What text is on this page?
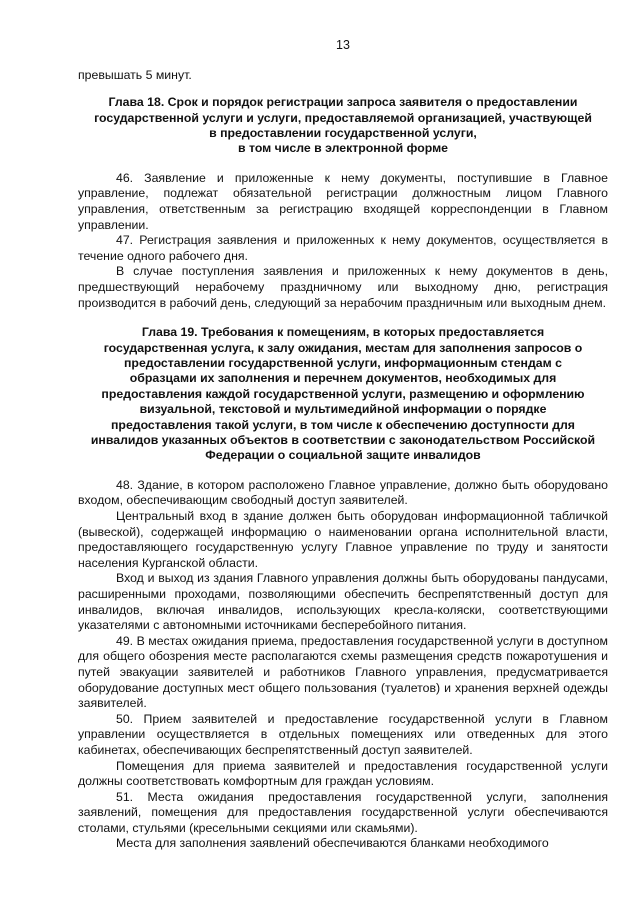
13

превышать 5 минут.

Глава 18. Срок и порядок регистрации запроса заявителя о предоставлении
государственной услуги и услуги, предоставляемой организацией, участвующей
в предоставлении государственной услуги,
в том числе в электронной форме

46. Заявление и приложенные к нему документы, поступившие в Главное управление, подлежат обязательной регистрации должностным лицом Главного управления, ответственным за регистрацию входящей корреспонденции в Главном управлении.

47. Регистрация заявления и приложенных к нему документов, осуществляется в течение одного рабочего дня.

В случае поступления заявления и приложенных к нему документов в день, предшествующий нерабочему праздничному или выходному дню, регистрация производится в рабочий день, следующий за нерабочим праздничным или выходным днем.

Глава 19. Требования к помещениям, в которых предоставляется
государственная услуга, к залу ожидания, местам для заполнения запросов о
предоставлении государственной услуги, информационным стендам с
образцами их заполнения и перечнем документов, необходимых для
предоставления каждой государственной услуги, размещению и оформлению
визуальной, текстовой и мультимедийной информации о порядке
предоставления такой услуги, в том числе к обеспечению доступности для
инвалидов указанных объектов в соответствии с законодательством Российской
Федерации о социальной защите инвалидов

48. Здание, в котором расположено Главное управление, должно быть оборудовано входом, обеспечивающим свободный доступ заявителей.

Центральный вход в здание должен быть оборудован информационной табличкой (вывеской), содержащей информацию о наименовании органа исполнительной власти, предоставляющего государственную услугу Главное управление по труду и занятости населения Курганской области.

Вход и выход из здания Главного управления должны быть оборудованы пандусами, расширенными проходами, позволяющими обеспечить беспрепятственный доступ для инвалидов, включая инвалидов, использующих кресла-коляски, соответствующими указателями с автономными источниками бесперебойного питания.

49. В местах ожидания приема, предоставления государственной услуги в доступном для общего обозрения месте располагаются схемы размещения средств пожаротушения и путей эвакуации заявителей и работников Главного управления, предусматривается оборудование доступных мест общего пользования (туалетов) и хранения верхней одежды заявителей.

50. Прием заявителей и предоставление государственной услуги в Главном управлении осуществляется в отдельных помещениях или отведенных для этого кабинетах, обеспечивающих беспрепятственный доступ заявителей.

Помещения для приема заявителей и предоставления государственной услуги должны соответствовать комфортным для граждан условиям.

51. Места ожидания предоставления государственной услуги, заполнения заявлений, помещения для предоставления государственной услуги обеспечиваются столами, стульями (кресельными секциями или скамьями).

Места для заполнения заявлений обеспечиваются бланками необходимого
